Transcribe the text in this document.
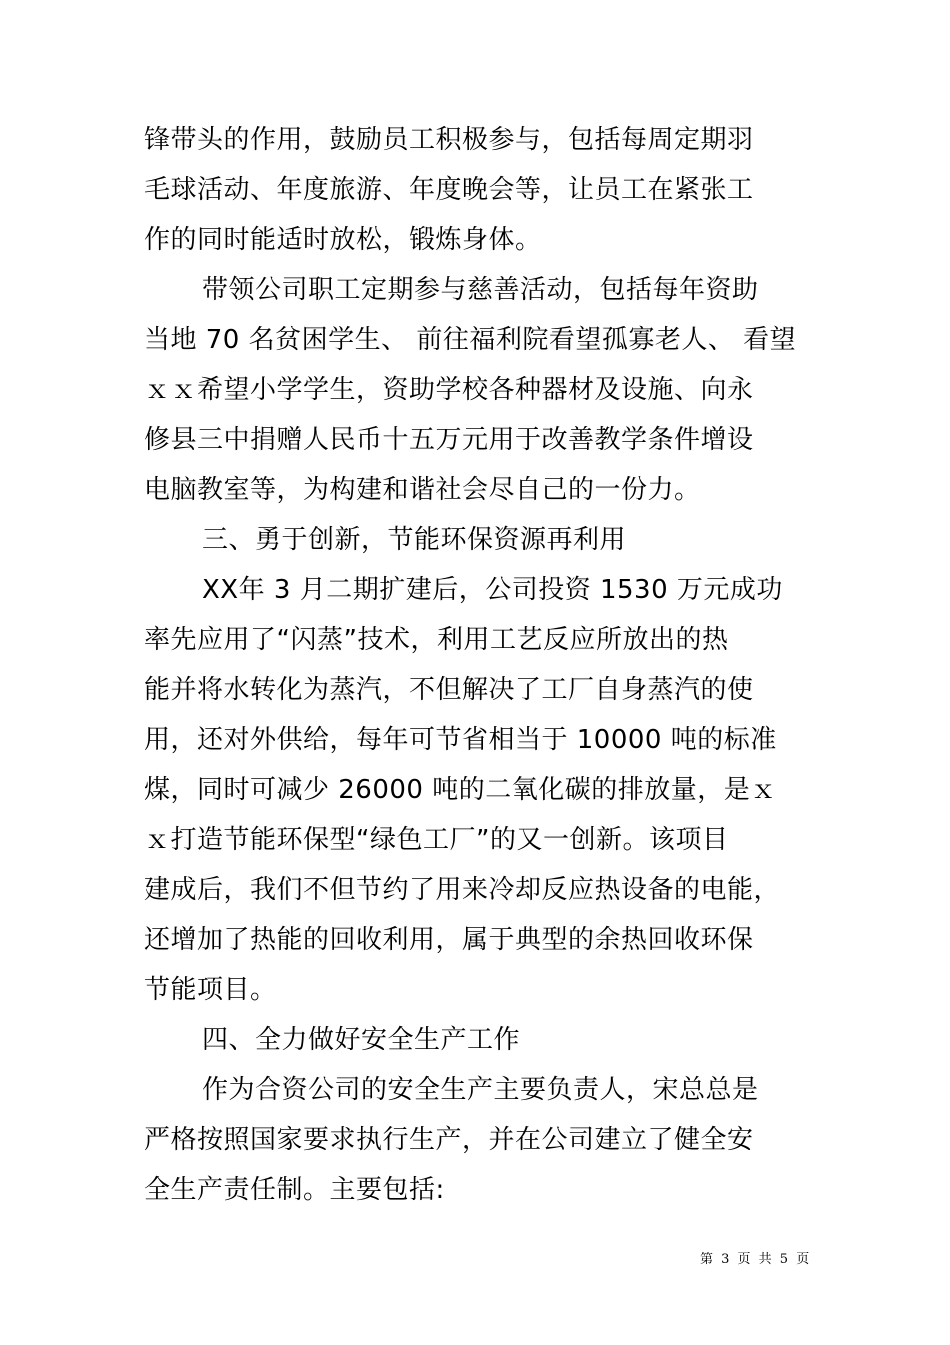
锋带头的作用，鼓励员工积极参与，包括每周定期羽
毛球活动、年度旅游、年度晚会等，让员工在紧张工
作的同时能适时放松，锻炼身体。
带领公司职工定期参与慈善活动，包括每年资助
当地 70 名贫困学生、 前往福利院看望孤寡老人、 看望
ｘｘ希望小学学生，资助学校各种器材及设施、向永
修县三中捐赠人民币十五万元用于改善教学条件增设
电脑教室等，为构建和谐社会尽自己的一份力。
三、勇于创新，节能环保资源再利用
XX年 3 月二期扩建后，公司投资 1530 万元成功
率先应用了“闪蒸”技术，利用工艺反应所放出的热
能并将水转化为蒸汽，不但解决了工厂自身蒸汽的使
用，还对外供给，每年可节省相当于 10000 吨的标准
煤，同时可减少 26000 吨的二氧化碳的排放量，是ｘ
ｘ打造节能环保型“绿色工厂”的又一创新。该项目
建成后，我们不但节约了用来冷却反应热设备的电能，
还增加了热能的回收利用，属于典型的余热回收环保
节能项目。
四、全力做好安全生产工作
作为合资公司的安全生产主要负责人，宋总总是
严格按照国家要求执行生产，并在公司建立了健全安
全生产责任制。主要包括:
第 3 页 共 5 页
